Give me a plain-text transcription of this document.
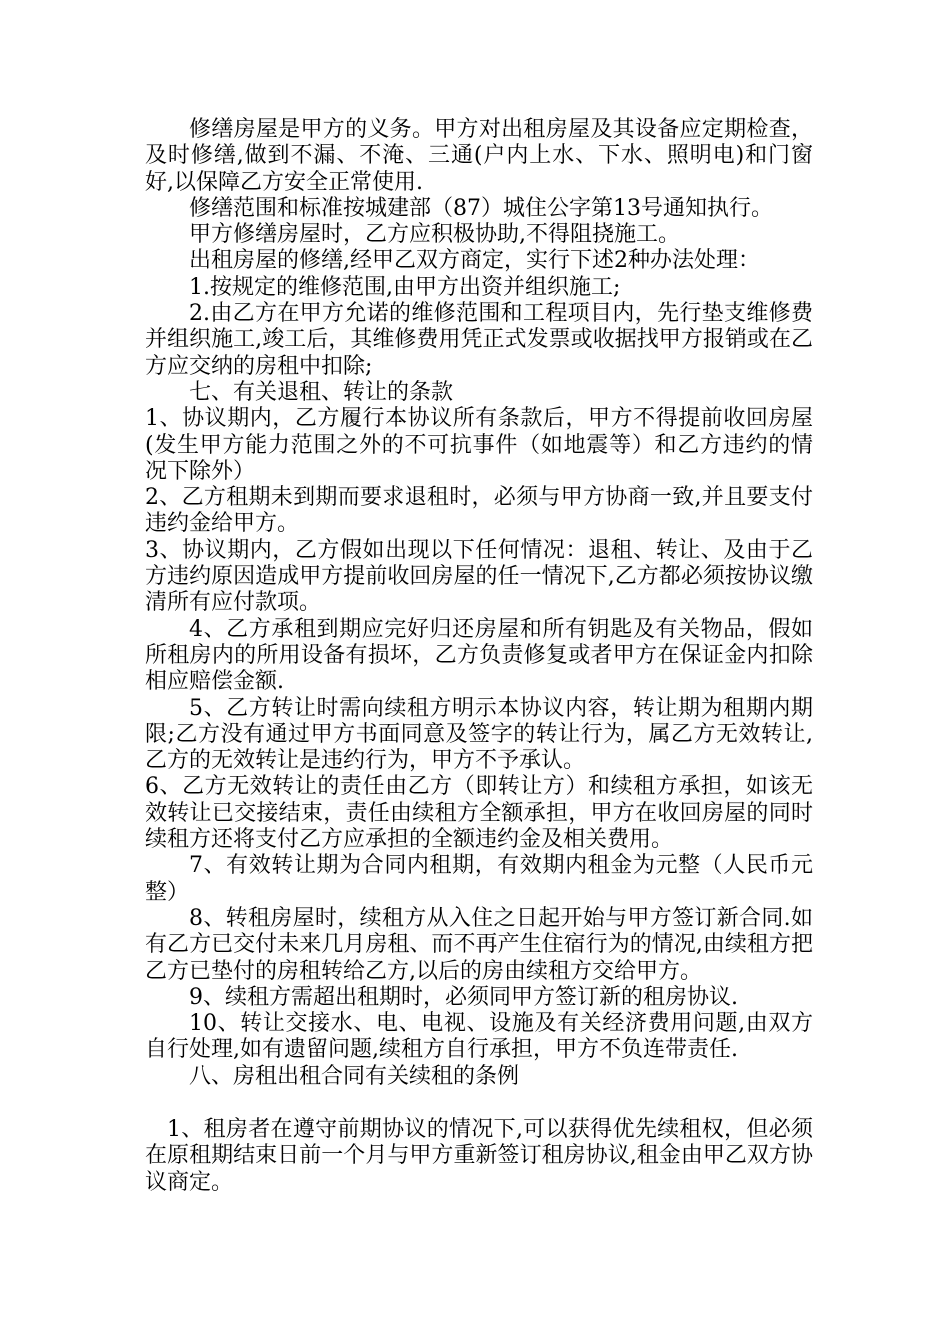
修缮房屋是甲方的义务。甲方对出租房屋及其设备应定期检查，及时修缮,做到不漏、不淹、三通(户内上水、下水、照明电)和门窗好,以保障乙方安全正常使用.

修缮范围和标准按城建部（87）城住公字第13号通知执行。

甲方修缮房屋时，乙方应积极协助,不得阻挠施工。

出租房屋的修缮,经甲乙双方商定，实行下述2种办法处理：

1.按规定的维修范围,由甲方出资并组织施工;

2.由乙方在甲方允诺的维修范围和工程项目内，先行垫支维修费并组织施工,竣工后，其维修费用凭正式发票或收据找甲方报销或在乙方应交纳的房租中扣除;

七、有关退租、转让的条款

1、协议期内，乙方履行本协议所有条款后，甲方不得提前收回房屋(发生甲方能力范围之外的不可抗事件（如地震等）和乙方违约的情况下除外）

2、乙方租期未到期而要求退租时，必须与甲方协商一致,并且要支付违约金给甲方。

3、协议期内，乙方假如出现以下任何情况：退租、转让、及由于乙方违约原因造成甲方提前收回房屋的任一情况下,乙方都必须按协议缴清所有应付款项。

4、乙方承租到期应完好归还房屋和所有钥匙及有关物品，假如所租房内的所用设备有损坏，乙方负责修复或者甲方在保证金内扣除相应赔偿金额.

5、乙方转让时需向续租方明示本协议内容，转让期为租期内期限;乙方没有通过甲方书面同意及签字的转让行为，属乙方无效转让,乙方的无效转让是违约行为，甲方不予承认。

6、乙方无效转让的责任由乙方（即转让方）和续租方承担，如该无效转让已交接结束，责任由续租方全额承担，甲方在收回房屋的同时续租方还将支付乙方应承担的全额违约金及相关费用。

7、有效转让期为合同内租期，有效期内租金为元整（人民币元整）

8、转租房屋时，续租方从入住之日起开始与甲方签订新合同.如有乙方已交付未来几月房租、而不再产生住宿行为的情况,由续租方把乙方已垫付的房租转给乙方,以后的房由续租方交给甲方。

9、续租方需超出租期时，必须同甲方签订新的租房协议.

10、转让交接水、电、电视、设施及有关经济费用问题,由双方自行处理,如有遗留问题,续租方自行承担，甲方不负连带责任.

八、房租出租合同有关续租的条例

1、租房者在遵守前期协议的情况下,可以获得优先续租权，但必须在原租期结束日前一个月与甲方重新签订租房协议,租金由甲乙双方协议商定。
